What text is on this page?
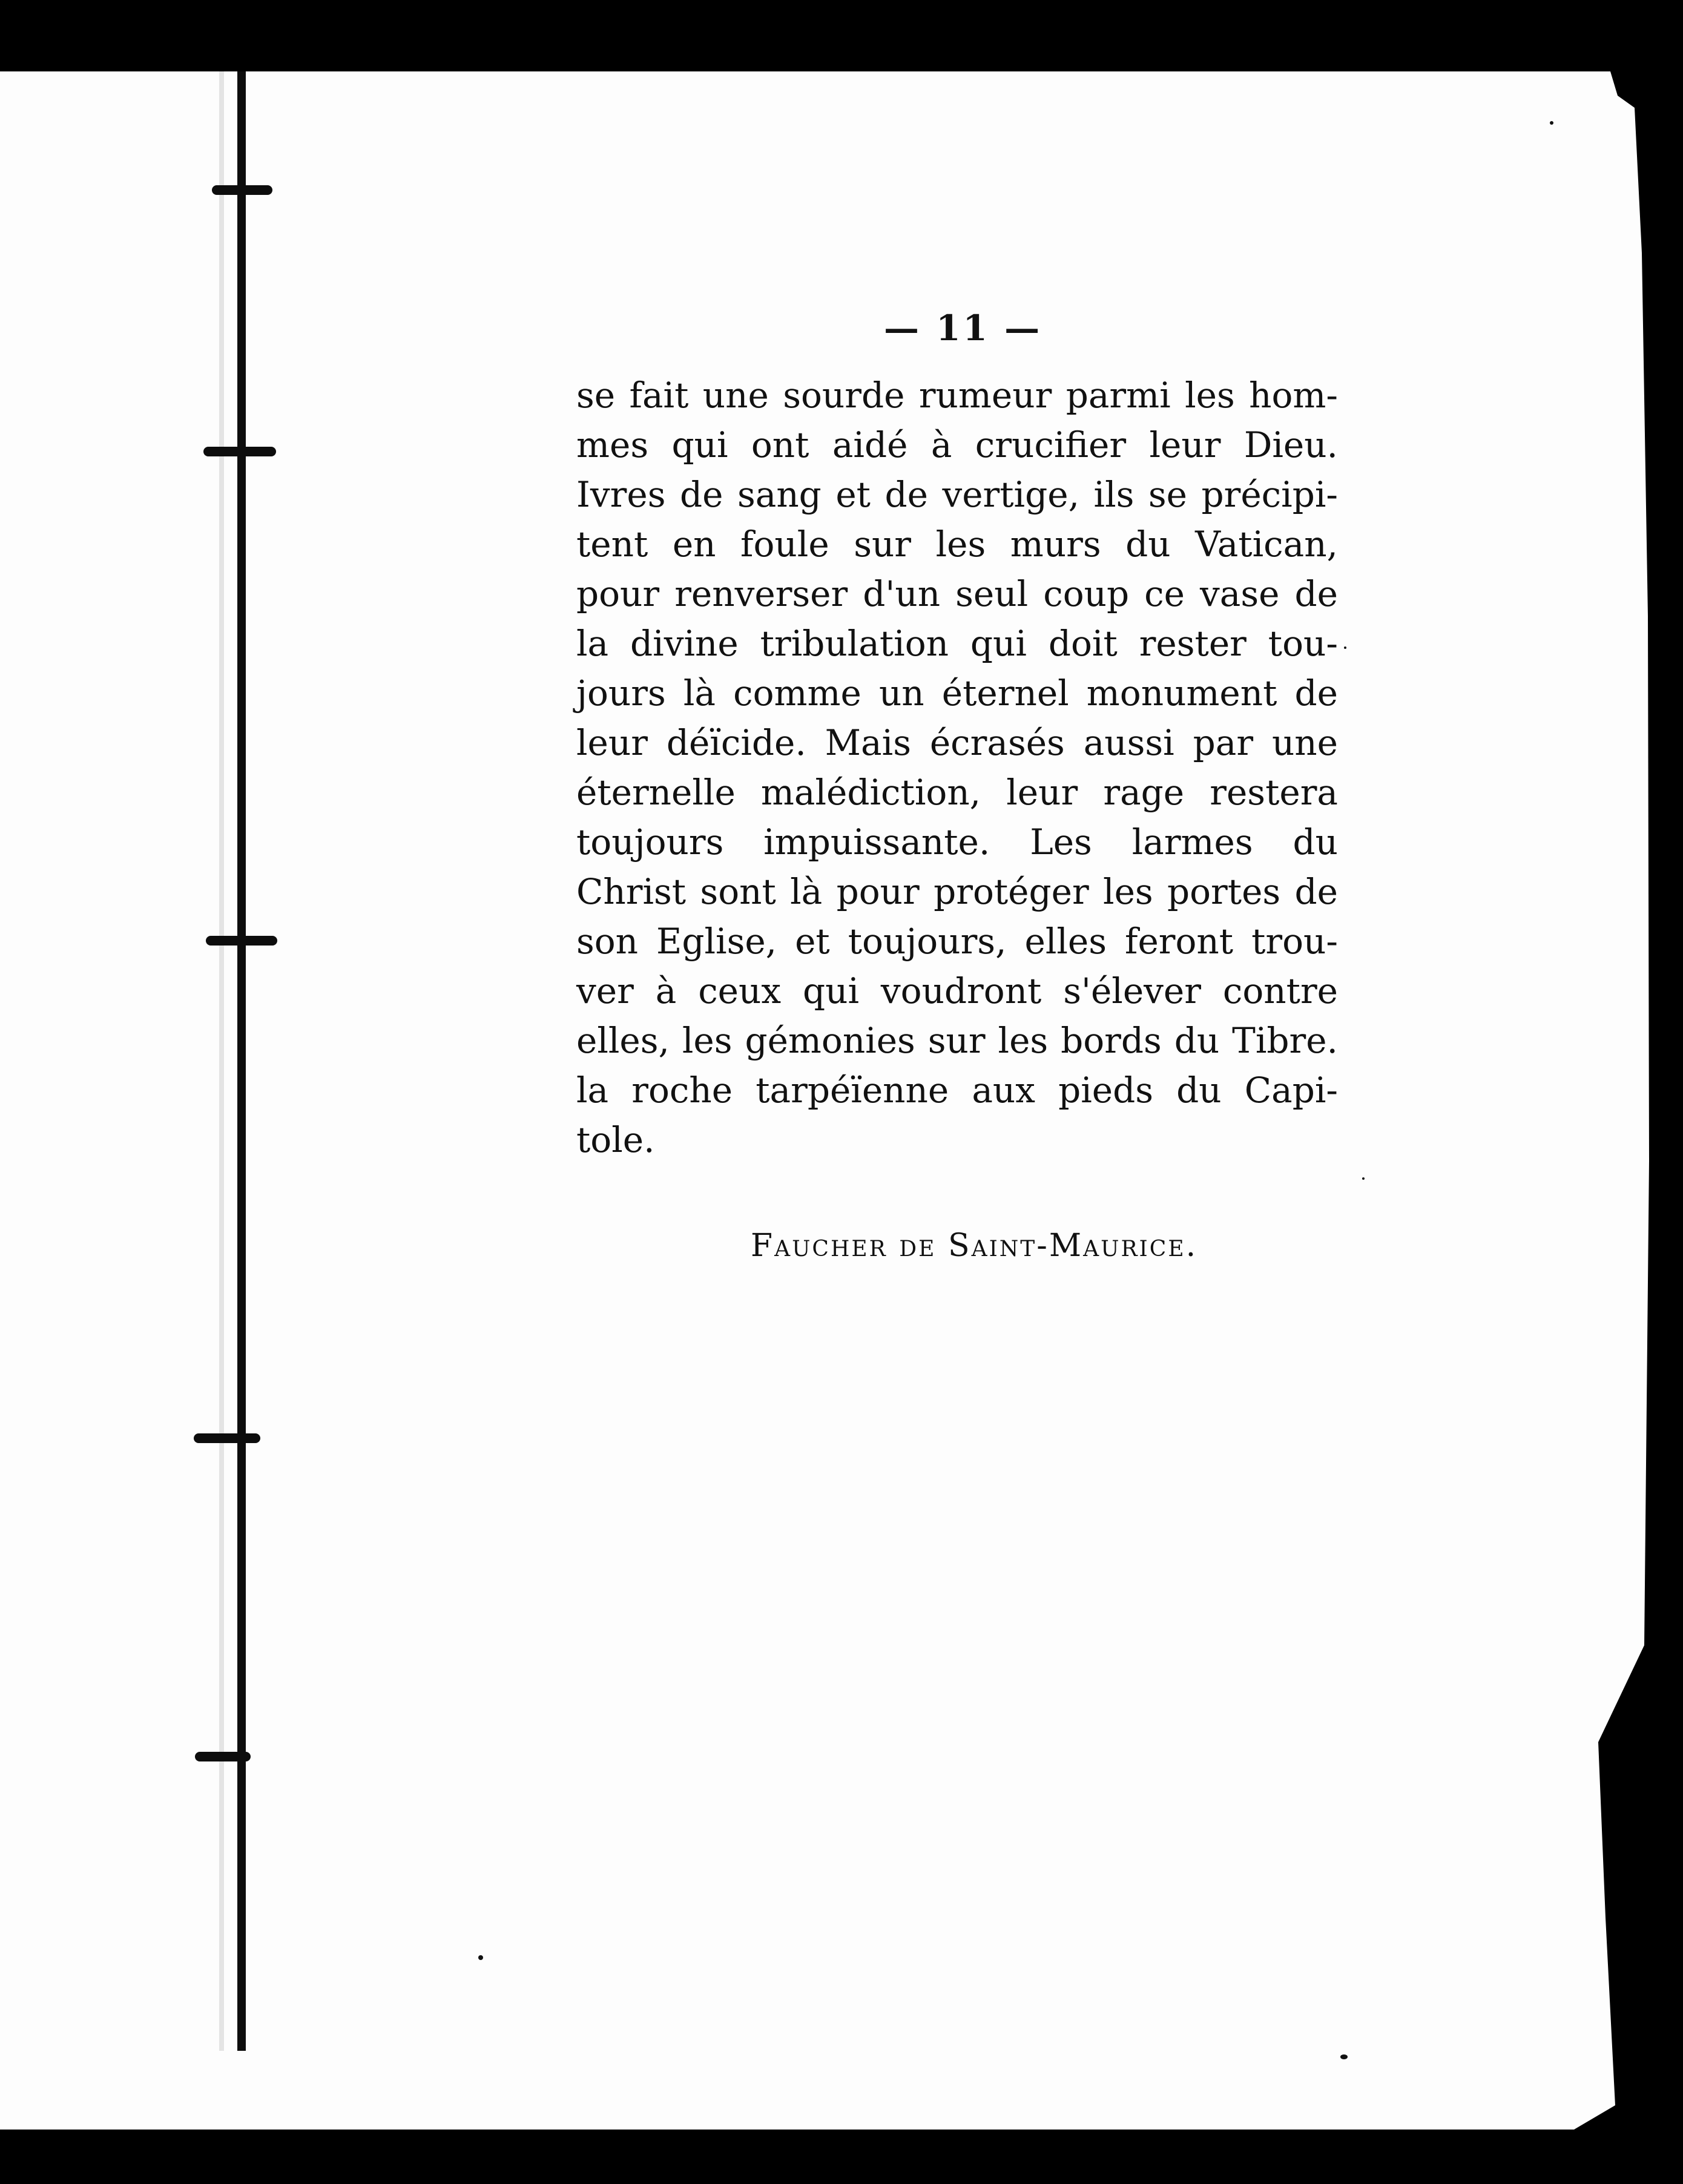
— 11 —
se fait une sourde rumeur parmi les hom-
mes qui ont aidé à crucifier leur Dieu.
Ivres de sang et de vertige, ils se précipi-
tent en foule sur les murs du Vatican,
pour renverser d'un seul coup ce vase de
la divine tribulation qui doit rester tou-
jours là comme un éternel monument de
leur déïcide. Mais écrasés aussi par une
éternelle malédiction, leur rage restera
toujours impuissante. Les larmes du
Christ sont là pour protéger les portes de
son Eglise, et toujours, elles feront trou-
ver à ceux qui voudront s'élever contre
elles, les gémonies sur les bords du Tibre.
la roche tarpéïenne aux pieds du Capi-
tole.
Faucher de Saint-Maurice.
